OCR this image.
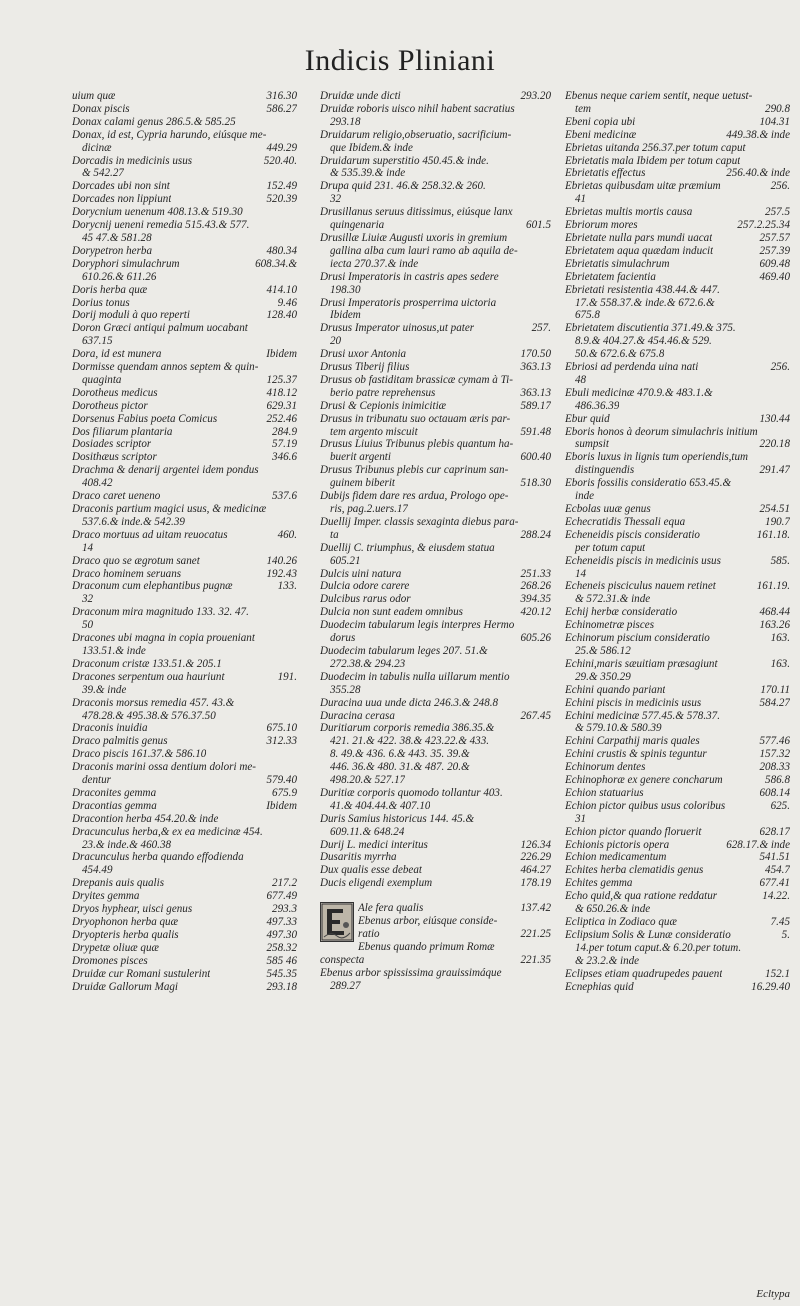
Indicis Pliniani
uium quæ	316.30
Donax piscis	586.27
Donax calami genus 286.5.& 585.25
Donax, id est, Cypria harundo, eiúsque me-
dicinæ	449.29
Dorcadis in medicinis usus	520.40.
& 542.27
Dorcades ubi non sint	152.49
Dorcades non lippiunt	520.39
Dorycnium uenenum 408.13.& 519.30
Dorycnij ueneni remedia 515.43.& 577.
45 47.& 581.28
Dorypetron herba	480.34
Doryphori simulachrum	608.34.&
610.26.& 611.26
Doris herba quæ	414.10
Dorius tonus	9.46
Dorij moduli à quo reperti	128.40
Doron Græci antiqui palmum uocabant
637.15
Dora, id est munera	Ibidem
Dormisse quendam annos septem & quin-
quaginta	125.37
Dorotheus medicus	418.12
Dorotheus pictor	629.31
Dorsenus Fabius poeta Comicus	252.46
Dos filiarum plantaria	284.9
Dosiades scriptor	57.19
Dosithæus scriptor	346.6
Drachma & denarij argentei idem pondus
408.42
Draco caret ueneno	537.6
Draconis partium magici usus, & medicinæ
537.6.& inde.& 542.39
Draco mortuus ad uitam reuocatus	460.
14
Draco quo se ægrotum sanet	140.26
Draco hominem seruans	192.43
Draconum cum elephantibus pugnæ	133.
32
Draconum mira magnitudo 133. 32. 47.
50
Dracones ubi magna in copia proueniant
133.51.& inde
Draconum cristæ 133.51.& 205.1
Dracones serpentum oua hauriunt	191.
39.& inde
Draconis morsus remedia 457. 43.&
478.28.& 495.38.& 576.37.50
Draconis inuidia	675.10
Draco palmitis genus	312.33
Draco piscis 161.37.& 586.10
Draconis marini ossa dentium dolori me-
dentur	579.40
Draconites gemma	675.9
Dracontias gemma	Ibidem
Dracontion herba 454.20.& inde
Dracunculus herba,& ex ea medicinæ 454.
23.& inde.& 460.38
Dracunculus herba quando effodienda
454.49
Drepanis auis qualis	217.2
Dryites gemma	677.49
Dryos hyphear, uisci genus	293.3
Dryophonon herba quæ	497.33
Dryopteris herba qualis	497.30
Drypetæ oliuæ quæ	258.32
Dromones pisces	585 46
Druidæ cur Romani sustulerint	545.35
Druidæ Gallorum Magi	293.18
Druidæ unde dicti	293.20
Druidæ roboris uisco nihil habent sacratius
293.18
Druidarum religio,obseruatio, sacrificium-
que Ibidem.& inde
Druidarum superstitio 450.45.& inde.
& 535.39.& inde
Drupa quid 231. 46.& 258.32.& 260.
32
Drusillanus seruus ditissimus, eiúsque lanx
quingenaria	601.5
Drusillæ Liuiæ Augusti uxoris in gremium
gallina alba cum lauri ramo ab aquila de-
iecta 270.37.& inde
Drusi Imperatoris in castris apes sedere
198.30
Drusi Imperatoris prosperrima uictoria
Ibidem
Drusus Imperator uinosus,ut pater	257.
20
Drusi uxor Antonia	170.50
Drusus Tiberij filius	363.13
Drusus ob fastiditam brassicæ cymam à Ti-
berio patre reprehensus	363.13
Drusi & Cepionis inimicitiæ	589.17
Drusus in tribunatu suo octauam æris par-
tem argento miscuit	591.48
Drusus Liuius Tribunus plebis quantum ha-
buerit argenti	600.40
Drusus Tribunus plebis cur caprinum san-
guinem biberit	518.30
Dubijs fidem dare res ardua, Prologo ope-
ris, pag.2.uers.17
Duellij Imper. classis sexaginta diebus para-
ta	288.24
Duellij C. triumphus, & eiusdem statua
605.21
Dulcis uini natura	251.33
Dulcia odore carere	268.26
Dulcibus rarus odor	394.35
Dulcia non sunt eadem omnibus	420.12
Duodecim tabularum legis interpres Hermo
dorus	605.26
Duodecim tabularum leges 207. 51.&
272.38.& 294.23
Duodecim in tabulis nulla uillarum mentio
355.28
Duracina uua unde dicta 246.3.& 248.8
Duracina cerasa	267.45
Duritiarum corporis remedia 386.35.&
421. 21.& 422. 38.& 423.22.& 433.
8. 49.& 436. 6.& 443. 35. 39.&
446. 36.& 480. 31.& 487. 20.&
498.20.& 527.17
Duritiæ corporis quomodo tollantur 403.
41.& 404.44.& 407.10
Duris Samius historicus 144. 45.&
609.11.& 648.24
Durij L. medici interitus	126.34
Dusaritis myrrha	226.29
Dux qualis esse debeat	464.27
Ducis eligendi exemplum	178.19
Ale fera qualis	137.42
Ebenus arbor, eiúsque conside-
ratio	221.25
Ebenus quando primum Romæ
conspecta	221.35
Ebenus arbor spississima grauissimáque
289.27
Ebenus neque cariem sentit, neque uetust-
tem	290.8
Ebeni copia ubi	104.31
Ebeni medicinæ	449.38.& inde
Ebrietas uitanda 256.37.per totum caput
Ebrietatis mala Ibidem per totum caput
Ebrietatis effectus	256.40.& inde
Ebrietas quibusdam uitæ præmium	256.
41
Ebrietas multis mortis causa	257.5
Ebriorum mores	257.2.25.34
Ebrietate nulla pars mundi uacat	257.57
Ebrietatem aqua quædam inducit	257.39
Ebrietatis simulachrum	609.48
Ebrietatem facientia	469.40
Ebrietati resistentia 438.44.& 447.
17.& 558.37.& inde.& 672.6.&
675.8
Ebrietatem discutientia 371.49.& 375.
8.9.& 404.27.& 454.46.& 529.
50.& 672.6.& 675.8
Ebriosi ad perdenda uina nati	256.
48
Ebuli medicinæ 470.9.& 483.1.&
486.36.39
Ebur quid	130.44
Eboris honos à deorum simulachris initium
sumpsit	220.18
Eboris luxus in lignis tum operiendis,tum
distinguendis	291.47
Eboris fossilis consideratio 653.45.&
inde
Ecbolas uuæ genus	254.51
Echecratidis Thessali equa	190.7
Echeneidis piscis consideratio	161.18.
per totum caput
Echeneidis piscis in medicinis usus	585.
14
Echeneis pisciculus nauem retinet	161.19.
& 572.31.& inde
Echij herbæ consideratio	468.44
Echinometræ pisces	163.26
Echinorum piscium consideratio	163.
25.& 586.12
Echini,maris sæuitiam præsagiunt	163.
29.& 350.29
Echini quando pariant	170.11
Echini piscis in medicinis usus	584.27
Echini medicinæ 577.45.& 578.37.
& 579.10.& 580.39
Echini Carpathij maris quales	577.46
Echini crustis & spinis teguntur	157.32
Echinorum dentes	208.33
Echinophoræ ex genere concharum	586.8
Echion statuarius	608.14
Echion pictor quibus usus coloribus	625.
31
Echion pictor quando floruerit	628.17
Echionis pictoris opera	628.17.& inde
Echion medicamentum	541.51
Echites herba clematidis genus	454.7
Echites gemma	677.41
Echo quid,& qua ratione reddatur	14.22.
& 650.26.& inde
Ecliptica in Zodiaco quæ	7.45
Eclipsium Solis & Lunæ consideratio	5.
14.per totum caput.& 6.20.per totum.
& 23.2.& inde
Eclipses etiam quadrupedes pauent	152.1
Ecnephias quid	16.29.40
Ecltypa
